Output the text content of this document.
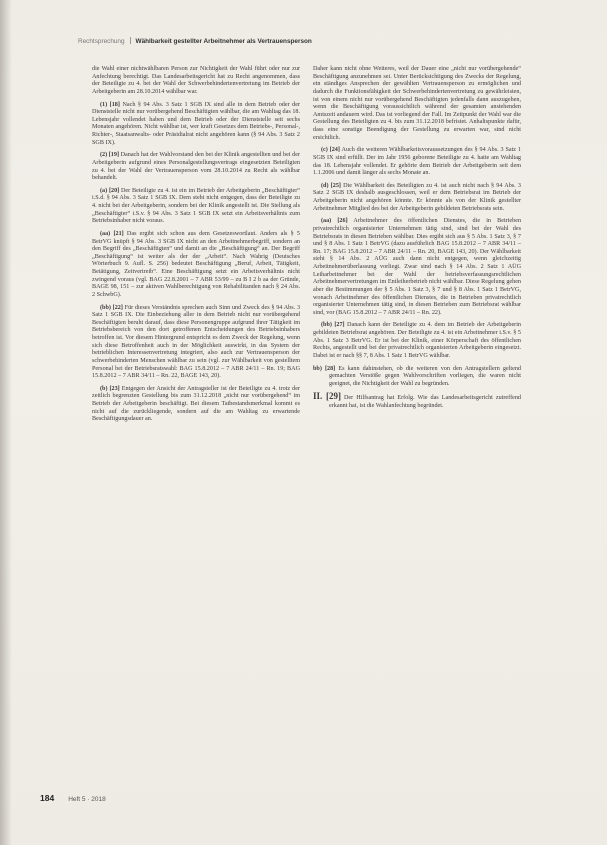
Rechtsprechung Wählbarkeit gestellter Arbeitnehmer als Vertrauensperson

die Wahl einer nichtwählbaren Person zur Nichtigkeit der Wahl führt oder nur zur Anfechtung berechtigt. Das Landesarbeitsgericht hat zu Recht angenommen, dass der Beteiligte zu 4. bei der Wahl der Schwerbehindertenvertretung im Betrieb der Arbeitgeberin am 28.10.2014 wählbar war.

(1) [18] Nach § 94 Abs. 3 Satz 1 SGB IX sind alle in dem Betrieb oder der Dienststelle nicht nur vorübergehend Beschäftigten wählbar, die am Wahltag das 18. Lebensjahr vollendet haben und dem Betrieb oder der Dienststelle seit sechs Monaten angehören. Nicht wählbar ist, wer kraft Gesetzes dem Betriebs-, Personal-, Richter-, Staatsanwalts- oder Präsidialrat nicht angehören kann (§ 94 Abs. 3 Satz 2 SGB IX).

(2) [19] Danach hat der Wahlvorstand den bei der Klinik angestellten und bei der Arbeitgeberin aufgrund eines Personalgestellungsvertrags eingesetzten Beteiligten zu 4. bei der Wahl der Vertrauensperson vom 28.10.2014 zu Recht als wählbar behandelt.

(a) [20] Der Beteiligte zu 4. ist ein im Betrieb der Arbeitgeberin „Beschäftigter“ i.S.d. § 94 Abs. 3 Satz 1 SGB IX. Dem steht nicht entgegen, dass der Beteiligte zu 4. nicht bei der Arbeitgeberin, sondern bei der Klinik angestellt ist. Die Stellung als „Beschäftigter“ i.S.v. § 94 Abs. 3 Satz 1 SGB IX setzt ein Arbeitsverhältnis zum Betriebsinhaber nicht voraus.

(aa) [21] Das ergibt sich schon aus dem Gesetzeswortlaut. Anders als § 5 BetrVG knüpft § 94 Abs. 3 SGB IX nicht an den Arbeitnehmerbegriff, sondern an den Begriff des „Beschäftigten“ und damit an die „Beschäftigung“ an. Der Begriff „Beschäftigung“ ist weiter als der der „Arbeit“. Nach Wahrig (Deutsches Wörterbuch 9. Aufl. S. 256) bedeutet Beschäftigung „Beruf, Arbeit, Tätigkeit, Betätigung, Zeitvertreib“. Eine Beschäftigung setzt ein Arbeitsverhältnis nicht zwingend voraus (vgl. BAG 22.8.2001 – 7 ABR 53/99 – zu B I 2 b aa der Gründe, BAGE 98, 151 – zur aktiven Wahlberechtigung von Rehabilitanden nach § 24 Abs. 2 SchwbG).

(bb) [22] Für dieses Verständnis sprechen auch Sinn und Zweck des § 94 Abs. 3 Satz 1 SGB IX. Die Einbeziehung aller in dem Betrieb nicht nur vorübergehend Beschäftigten beruht darauf, dass diese Personengruppe aufgrund ihrer Tätigkeit im Betriebsbereich von den dort getroffenen Entscheidungen des Betriebsinhabers betroffen ist. Vor diesem Hintergrund entspricht es dem Zweck der Regelung, wenn sich diese Betroffenheit auch in der Möglichkeit auswirkt, in das System der betrieblichen Interessenvertretung integriert, also auch zur Vertrauensperson der schwerbehinderten Menschen wählbar zu sein (vgl. zur Wählbarkeit von gestelltem Personal bei der Betriebsratswahl: BAG 15.8.2012 – 7 ABR 24/11 – Rn. 19; BAG 15.8.2012 – 7 ABR 34/11 – Rn. 22, BAGE 143, 20).

(b) [23] Entgegen der Ansicht der Antragsteller ist der Beteiligte zu 4. trotz der zeitlich begrenzten Gestellung bis zum 31.12.2018 „nicht nur vorübergehend“ im Betrieb der Arbeitgeberin beschäftigt. Bei diesem Tatbestandsmerkmal kommt es nicht auf die zurückliegende, sondern auf die am Wahltag zu erwartende Beschäftigungsdauer an.

Daher kann nicht ohne Weiteres, weil der Dauer eine „nicht nur vorübergehende“ Beschäftigung anzunehmen sei. Unter Berücksichtigung des Zwecks der Regelung, ein ständiges Ansprechen der gewählten Vertrauensperson zu ermöglichen und dadurch die Funktionsfähigkeit der Schwerbehindertenvertretung zu gewährleisten, ist von einem nicht nur vorübergehend Beschäftigten jedenfalls dann auszugehen, wenn die Beschäftigung voraussichtlich während der gesamten anstehenden Amtszeit andauern wird. Das ist vorliegend der Fall. Im Zeitpunkt der Wahl war die Gestellung des Beteiligten zu 4. bis zum 31.12.2018 befristet. Anhaltspunkte dafür, dass eine sonstige Beendigung der Gestellung zu erwarten war, sind nicht ersichtlich.

(c) [24] Auch die weiteren Wählbarkeitsvoraussetzungen des § 94 Abs. 3 Satz 1 SGB IX sind erfüllt. Der im Jahr 1956 geborene Beteiligte zu 4. hatte am Wahltag das 18. Lebensjahr vollendet. Er gehörte dem Betrieb der Arbeitgeberin seit dem 1.1.2006 und damit länger als sechs Monate an.

(d) [25] Die Wählbarkeit des Beteiligten zu 4. ist auch nicht nach § 94 Abs. 3 Satz 2 SGB IX deshalb ausgeschlossen, weil er dem Betriebsrat im Betrieb der Arbeitgeberin nicht angehören könnte. Er könnte als von der Klinik gestellter Arbeitnehmer Mitglied des bei der Arbeitgeberin gebildeten Betriebsrats sein.

(aa) [26] Arbeitnehmer des öffentlichen Dienstes, die in Betrieben privatrechtlich organisierter Unternehmen tätig sind, sind bei der Wahl des Betriebsrats in diesen Betrieben wählbar. Dies ergibt sich aus § 5 Abs. 1 Satz 3, § 7 und § 8 Abs. 1 Satz 1 BetrVG (dazu ausführlich BAG 15.8.2012 – 7 ABR 34/11 – Rn. 17; BAG 15.8.2012 – 7 ABR 24/11 – Rn. 20, BAGE 143, 20). Der Wählbarkeit steht § 14 Abs. 2 AÜG auch dann nicht entgegen, wenn gleichzeitig Arbeitnehmerüberlassung vorliegt. Zwar sind nach § 14 Abs. 2 Satz 1 AÜG Leiharbeitnehmer bei der Wahl der betriebsverfassungsrechtlichen Arbeitnehmervertretungen im Entleiherbetrieb nicht wählbar. Diese Regelung gehen aber die Bestimmungen der § 5 Abs. 1 Satz 3, § 7 und § 8 Abs. 1 Satz 1 BetrVG, wonach Arbeitnehmer des öffentlichen Dienstes, die in Betrieben privatrechtlich organisierter Unternehmen tätig sind, in diesen Betrieben zum Betriebsrat wählbar sind, vor (BAG 15.8.2012 – 7 ABR 24/11 – Rn. 22).

(bb) [27] Danach kann der Beteiligte zu 4. dem im Betrieb der Arbeitgeberin gebildeten Betriebsrat angehören. Der Beteiligte zu 4. ist ein Arbeitnehmer i.S.v. § 5 Abs. 1 Satz 3 BetrVG. Er ist bei der Klinik, einer Körperschaft des öffentlichen Rechts, angestellt und bei der privatrechtlich organisierten Arbeitgeberin eingesetzt. Dabei ist er nach §§ 7, 8 Abs. 1 Satz 1 BetrVG wählbar.

bb) [28] Es kann dahinstehen, ob die weiteren von den Antragstellern geltend gemachten Verstöße gegen Wahlvorschriften vorliegen, die waren nicht geeignet, die Nichtigkeit der Wahl zu begründen.

II. [29] Der Hilfsantrag hat Erfolg. Wie das Landesarbeitsgericht zutreffend erkannt hat, ist die Wahlanfechtung begründet.

184 Heft 5 · 2018
